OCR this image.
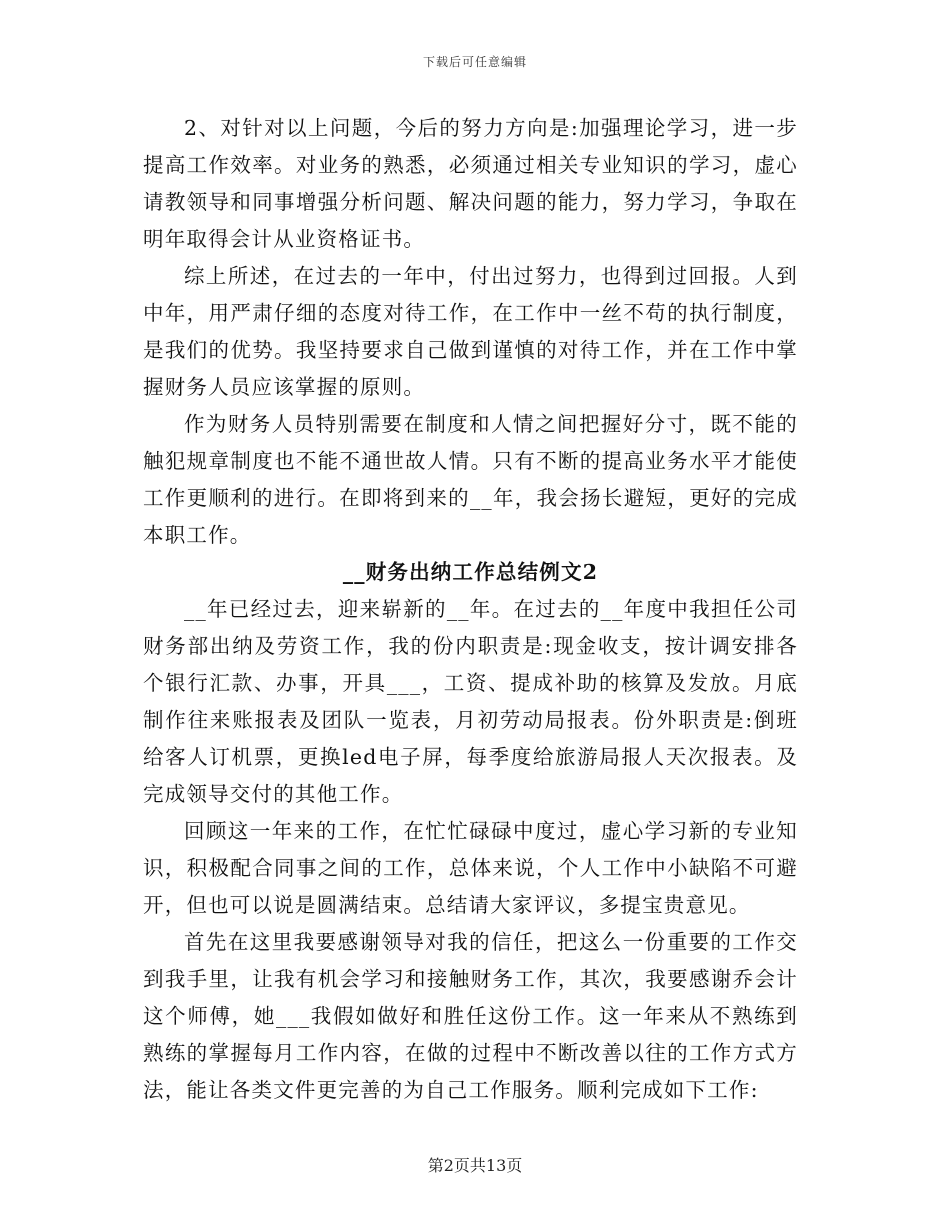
下载后可任意编辑

2、对针对以上问题，今后的努力方向是:加强理论学习，进一步提高工作效率。对业务的熟悉，必须通过相关专业知识的学习，虚心请教领导和同事增强分析问题、解决问题的能力，努力学习，争取在明年取得会计从业资格证书。

综上所述，在过去的一年中，付出过努力，也得到过回报。人到中年，用严肃仔细的态度对待工作，在工作中一丝不苟的执行制度，是我们的优势。我坚持要求自己做到谨慎的对待工作，并在工作中掌握财务人员应该掌握的原则。

作为财务人员特别需要在制度和人情之间把握好分寸，既不能的触犯规章制度也不能不通世故人情。只有不断的提高业务水平才能使工作更顺利的进行。在即将到来的__年，我会扬长避短，更好的完成本职工作。

__财务出纳工作总结例文2

__年已经过去，迎来崭新的__年。在过去的__年度中我担任公司财务部出纳及劳资工作，我的份内职责是:现金收支，按计调安排各个银行汇款、办事，开具___，工资、提成补助的核算及发放。月底制作往来账报表及团队一览表，月初劳动局报表。份外职责是:倒班给客人订机票，更换led电子屏，每季度给旅游局报人天次报表。及完成领导交付的其他工作。

回顾这一年来的工作，在忙忙碌碌中度过，虚心学习新的专业知识，积极配合同事之间的工作，总体来说，个人工作中小缺陷不可避开，但也可以说是圆满结束。总结请大家评议，多提宝贵意见。

首先在这里我要感谢领导对我的信任，把这么一份重要的工作交到我手里，让我有机会学习和接触财务工作，其次，我要感谢乔会计这个师傅，她___我假如做好和胜任这份工作。这一年来从不熟练到熟练的掌握每月工作内容，在做的过程中不断改善以往的工作方式方法，能让各类文件更完善的为自己工作服务。顺利完成如下工作:

第2页共13页
